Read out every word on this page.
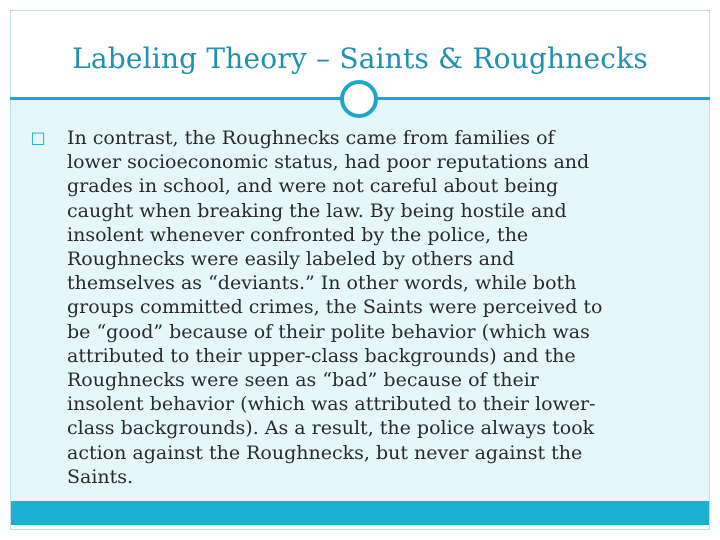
Labeling Theory – Saints & Roughnecks
□ In contrast, the Roughnecks came from families of

lower socioeconomic status, had poor reputations and

grades in school, and were not careful about being

caught when breaking the law. By being hostile and

insolent whenever confronted by the police, the

Roughnecks were easily labeled by others and

themselves as “deviants.” In other words, while both

groups committed crimes, the Saints were perceived to

be “good” because of their polite behavior (which was

attributed to their upper-class backgrounds) and the

Roughnecks were seen as “bad” because of their

insolent behavior (which was attributed to their lower-

class backgrounds). As a result, the police always took

action against the Roughnecks, but never against the

Saints.
